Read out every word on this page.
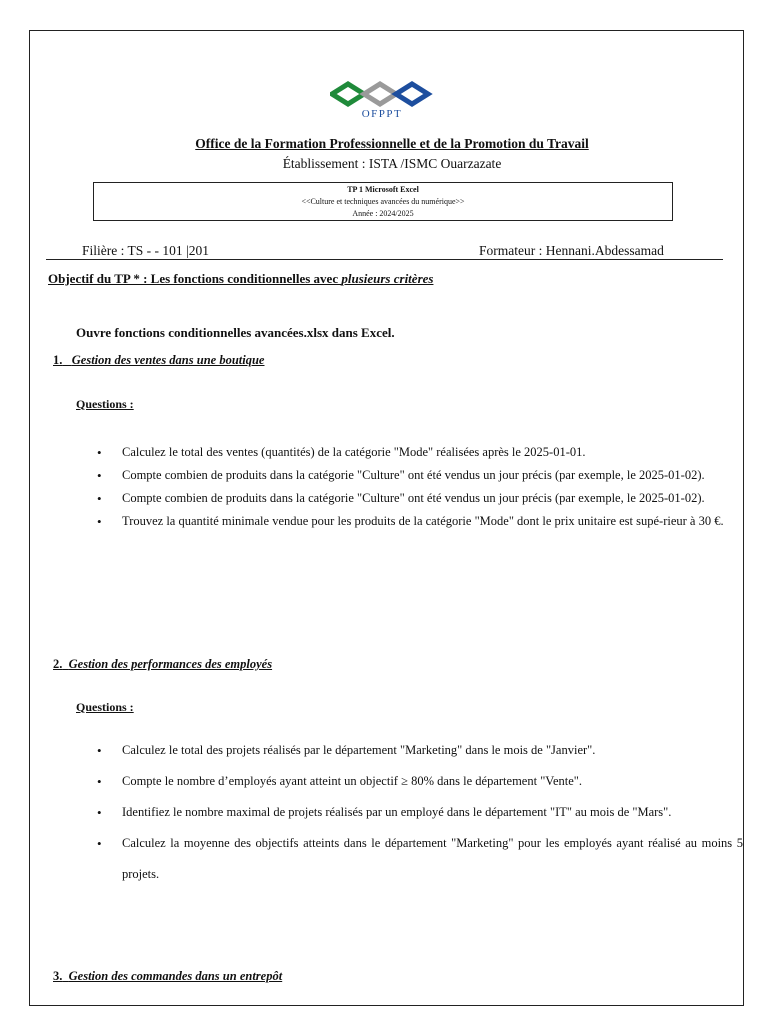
OFPPT
Office de la Formation Professionnelle et de la Promotion du Travail
Établissement : ISTA /ISMC Ouarzazate
TP 1 Microsoft Excel
<<Culture et techniques avancées du numérique>>
Année : 2024/2025
Filière : TS - - 101 |201	Formateur : Hennani.Abdessamad
Objectif du TP * : Les fonctions conditionnelles avec plusieurs critères
Ouvre fonctions conditionnelles avancées.xlsx dans Excel.
1. Gestion des ventes dans une boutique
Questions :
• Calculez le total des ventes (quantités) de la catégorie "Mode" réalisées après le 2025-01-01.
• Compte combien de produits dans la catégorie "Culture" ont été vendus un jour précis (par exemple, le 2025-01-02).
• Compte combien de produits dans la catégorie "Culture" ont été vendus un jour précis (par exemple, le 2025-01-02).
• Trouvez la quantité minimale vendue pour les produits de la catégorie "Mode" dont le prix unitaire est supé-rieur à 30 €.
2. Gestion des performances des employés
Questions :
• Calculez le total des projets réalisés par le département "Marketing" dans le mois de "Janvier".
• Compte le nombre d’employés ayant atteint un objectif ≥ 80% dans le département "Vente".
• Identifiez le nombre maximal de projets réalisés par un employé dans le département "IT" au mois de "Mars".
• Calculez la moyenne des objectifs atteints dans le département "Marketing" pour les employés ayant réalisé au moins 5 projets.
3. Gestion des commandes dans un entrepôt
